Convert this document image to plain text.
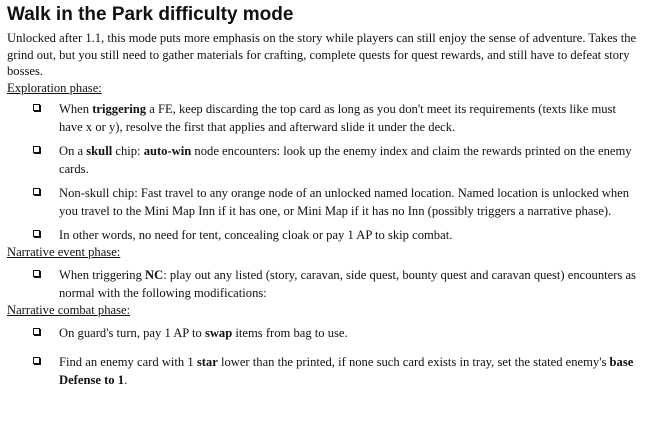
Walk in the Park difficulty mode

Unlocked after 1.1, this mode puts more emphasis on the story while players can still enjoy the sense of adventure. Takes the grind out, but you still need to gather materials for crafting, complete quests for quest rewards, and still have to defeat story bosses.

Exploration phase:

When triggering a FE, keep discarding the top card as long as you don't meet its requirements (texts like must have x or y), resolve the first that applies and afterward slide it under the deck.
On a skull chip: auto-win node encounters: look up the enemy index and claim the rewards printed on the enemy cards.
Non-skull chip: Fast travel to any orange node of an unlocked named location. Named location is unlocked when you travel to the Mini Map Inn if it has one, or Mini Map if it has no Inn (possibly triggers a narrative phase).
In other words, no need for tent, concealing cloak or pay 1 AP to skip combat.

Narrative event phase:

When triggering NC: play out any listed (story, caravan, side quest, bounty quest and caravan quest) encounters as normal with the following modifications:

Narrative combat phase:

On guard's turn, pay 1 AP to swap items from bag to use.
Find an enemy card with 1 star lower than the printed, if none such card exists in tray, set the stated enemy's base Defense to 1.
